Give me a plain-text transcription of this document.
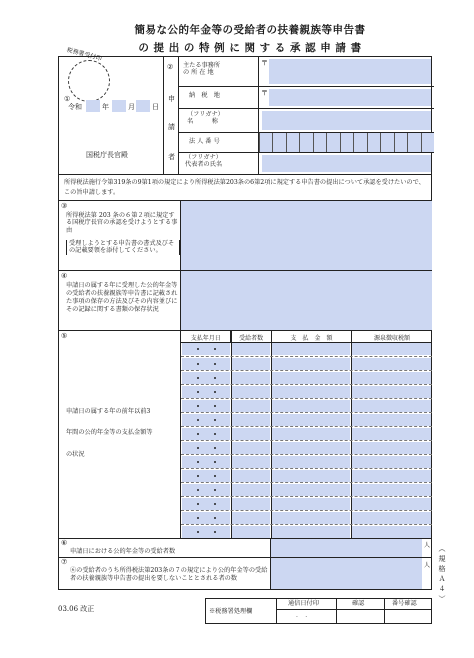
簡易な公的年金等の受給者の扶養親族等申告書
の 提 出 の 特 例 に 関 す る 承 認 申 請 書
税務署受付印
①
令和	年	月 日
国税庁長官殿
②
申
請
者
主たる事務所
の 所 在 地
納　税　地
（フリガナ）
名　　　称
法 人 番 号
（フリガナ）
代表者の氏名
〒
〒
所得税法施行令第319条の9第1項の規定により所得税法第203条の6第2項に規定する申告書の提出について承認を受けたいので、この旨申請します。
③
所得税法第 203 条の６第２項に規定する国税庁長官の承認を受けようとする事由
受理しようとする申告書の書式及びその記載要領を添付してください。
④
申請日の属する年に受理した公的年金等の受給者の扶養親族等申告書に記載された事項の保存の方法及びその内容並びにその記録に関する書類の保存状況
⑤
申請日の属する年の前年以前3
年間の公的年金等の支払金額等
の状況
支払年月日	受給者数	支　払　金　額	源泉徴収税額
⑥
申請日における公的年金等の受給者数
人
⑦
⑥の受給者のうち所得税法第203条の７の規定により公的年金等の受給者の扶養親族等申告書の提出を要しないこととされる者の数
人 （規格Ａ４）
03.06 改正	※税務署処理欄
通信日付印	確認	番号確認
．　．
